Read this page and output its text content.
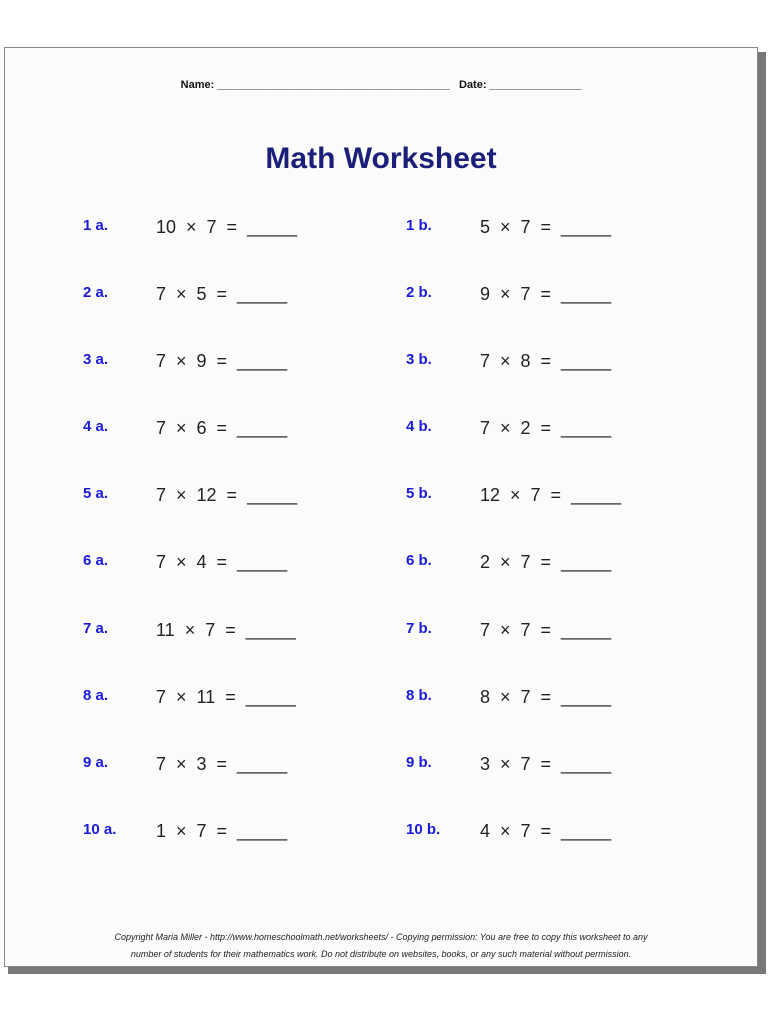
Name: ______________________________________ Date: _______________
Math Worksheet

1 a.

	10  ×  7  =  _____

2 a.

	7  ×  5  =  _____

3 a.

	7  ×  9  =  _____

4 a.

	7  ×  6  =  _____

5 a.

	7  ×  12  =  _____

6 a.

	7  ×  4  =  _____

7 a.

	11  ×  7  =  _____

8 a.

	7  ×  11  =  _____

9 a.

	7  ×  3  =  _____

10 a.

1  ×  7  =  _____

1 b.

	5  ×  7  =  _____

2 b.

	9  ×  7  =  _____

3 b.

	7  ×  8  =  _____

4 b.

	7  ×  2  =  _____

5 b.

	12  ×  7  =  _____

6 b.

	2  ×  7  =  _____

7 b.

	7  ×  7  =  _____

8 b.

	8  ×  7  =  _____

9 b.

	3  ×  7  =  _____

10 b.

4  ×  7  =  _____

Copyright Maria Miller - http://www.homeschoolmath.net/worksheets/ - Copying permission: You are free to copy this worksheet to any
number of students for their mathematics work. Do not distribute on websites, books, or any such material without permission.
